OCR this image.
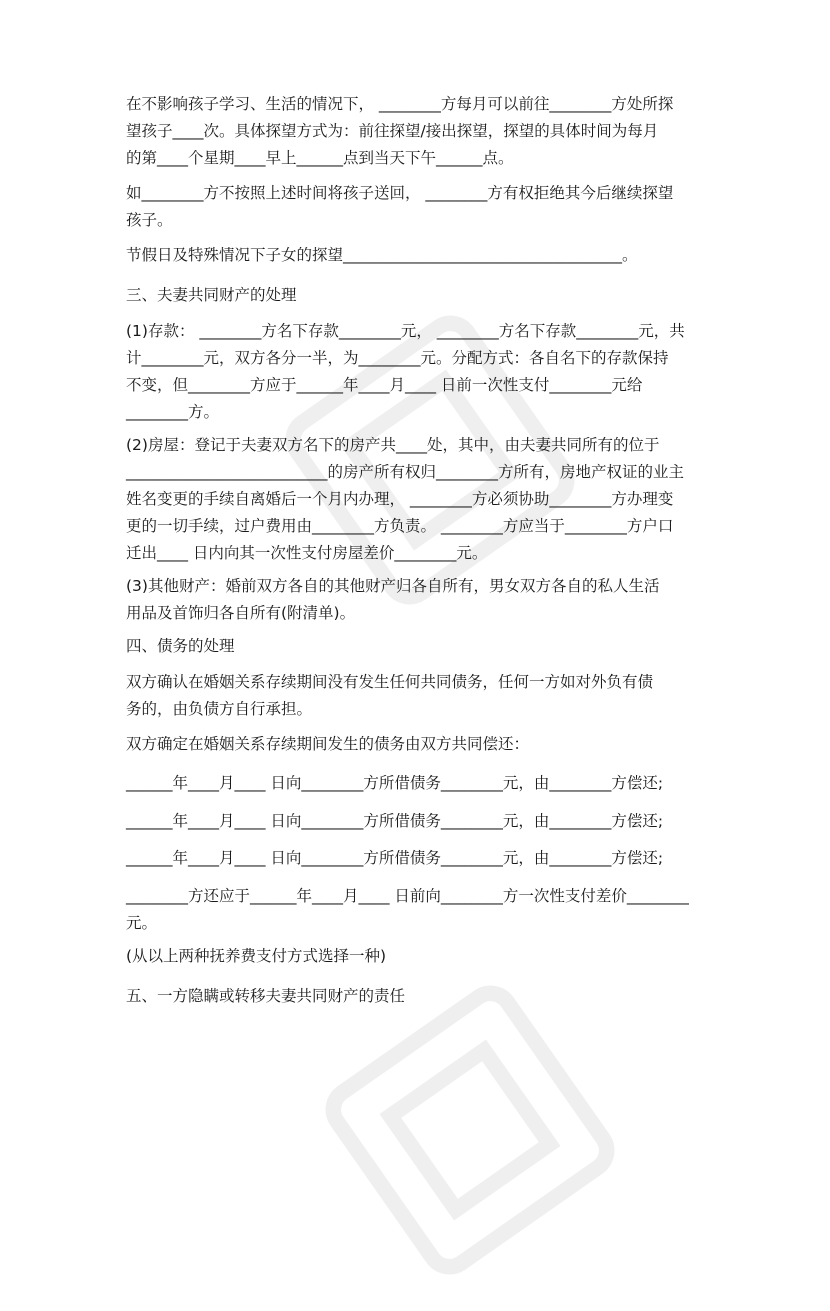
在不影响孩子学习、生活的情况下， ________方每月可以前往________方处所探
望孩子____次。具体探望方式为：前往探望/接出探望，探望的具体时间为每月
的第____个星期____早上______点到当天下午______点。
如________方不按照上述时间将孩子送回， ________方有权拒绝其今后继续探望
孩子。
节假日及特殊情况下子女的探望____________________________________。
三、夫妻共同财产的处理
(1)存款： ________方名下存款________元， ________方名下存款________元，共
计________元，双方各分一半，为________元。分配方式：各自名下的存款保持
不变，但________方应于______年____月____ 日前一次性支付________元给
________方。
(2)房屋：登记于夫妻双方名下的房产共____处，其中，由夫妻共同所有的位于
__________________________的房产所有权归________方所有，房地产权证的业主
姓名变更的手续自离婚后一个月内办理， ________方必须协助________方办理变
更的一切手续，过户费用由________方负责。 ________方应当于________方户口
迁出____ 日内向其一次性支付房屋差价________元。
(3)其他财产：婚前双方各自的其他财产归各自所有，男女双方各自的私人生活
用品及首饰归各自所有(附清单)。
四、债务的处理
双方确认在婚姻关系存续期间没有发生任何共同债务，任何一方如对外负有债
务的，由负债方自行承担。
双方确定在婚姻关系存续期间发生的债务由双方共同偿还：
______年____月____ 日向________方所借债务________元，由________方偿还;
______年____月____ 日向________方所借债务________元，由________方偿还;
______年____月____ 日向________方所借债务________元，由________方偿还;
________方还应于______年____月____ 日前向________方一次性支付差价________
元。
(从以上两种抚养费支付方式选择一种)
五、一方隐瞒或转移夫妻共同财产的责任
